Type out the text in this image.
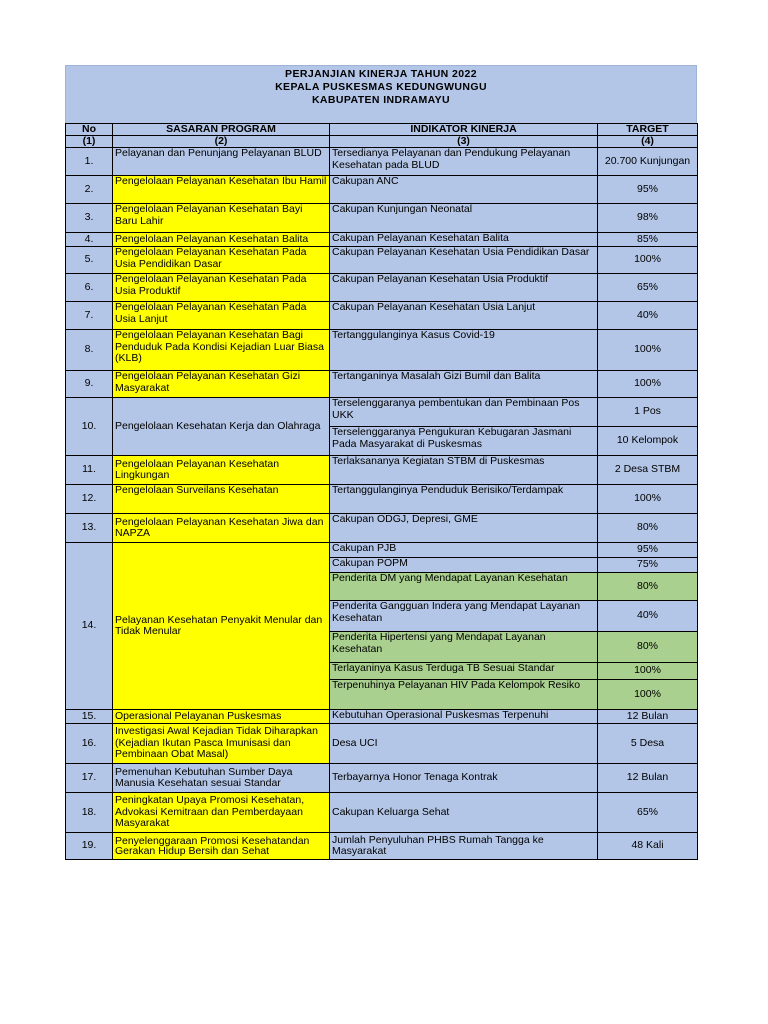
PERJANJIAN KINERJA TAHUN 2022
KEPALA PUSKESMAS KEDUNGWUNGU
KABUPATEN INDRAMAYU
No	SASARAN PROGRAM	INDIKATOR KINERJA	TARGET
(1)	(2)	(3)	(4)
1.	Pelayanan dan Penunjang Pelayanan BLUD	Tersedianya Pelayanan dan Pendukung Pelayanan Kesehatan pada BLUD	20.700 Kunjungan
2.	Pengelolaan Pelayanan Kesehatan Ibu Hamil	Cakupan ANC	95%
3.	Pengelolaan Pelayanan Kesehatan Bayi Baru Lahir	Cakupan Kunjungan Neonatal	98%
4.	Pengelolaan Pelayanan Kesehatan Balita	Cakupan Pelayanan Kesehatan Balita	85%
5.	Pengelolaan Pelayanan Kesehatan Pada Usia Pendidikan Dasar	Cakupan Pelayanan Kesehatan Usia Pendidikan Dasar	100%
6.	Pengelolaan Pelayanan Kesehatan Pada Usia Produktif	Cakupan Pelayanan Kesehatan Usia Produktif	65%
7.	Pengelolaan Pelayanan Kesehatan Pada Usia Lanjut	Cakupan Pelayanan Kesehatan Usia Lanjut	40%
8.	Pengelolaan Pelayanan Kesehatan Bagi Penduduk Pada Kondisi Kejadian Luar Biasa (KLB)	Tertanggulanginya Kasus Covid-19	100%
9.	Pengelolaan Pelayanan Kesehatan Gizi Masyarakat	Tertanganinya Masalah Gizi Bumil dan Balita	100%
10.	Pengelolaan Kesehatan Kerja dan Olahraga	Terselenggaranya pembentukan dan Pembinaan Pos UKK	1 Pos
		Terselenggaranya Pengukuran Kebugaran Jasmani Pada Masyarakat di Puskesmas	10 Kelompok
11.	Pengelolaan Pelayanan Kesehatan Lingkungan	Terlaksananya Kegiatan STBM di Puskesmas	2 Desa STBM
12.	Pengelolaan Surveilans Kesehatan	Tertanggulanginya Penduduk Berisiko/Terdampak	100%
13.	Pengelolaan Pelayanan Kesehatan Jiwa dan NAPZA	Cakupan ODGJ, Depresi, GME	80%
14.	Pelayanan Kesehatan Penyakit Menular dan Tidak Menular	Cakupan PJB	95%
		Cakupan POPM	75%
		Penderita DM yang Mendapat Layanan Kesehatan	80%
		Penderita Gangguan Indera yang Mendapat Layanan Kesehatan	40%
		Penderita Hipertensi yang Mendapat Layanan Kesehatan	80%
		Terlayaninya Kasus Terduga TB Sesuai Standar	100%
		Terpenuhinya Pelayanan HIV Pada Kelompok Resiko	100%
15.	Operasional Pelayanan Puskesmas	Kebutuhan Operasional Puskesmas Terpenuhi	12 Bulan
16.	Investigasi Awal Kejadian Tidak Diharapkan (Kejadian Ikutan Pasca Imunisasi dan Pembinaan Obat Masal)	Desa UCI	5 Desa
17.	Pemenuhan Kebutuhan Sumber Daya Manusia Kesehatan sesuai Standar	Terbayarnya Honor Tenaga Kontrak	12 Bulan
18.	Peningkatan Upaya Promosi Kesehatan, Advokasi Kemitraan dan Pemberdayaan Masyarakat	Cakupan Keluarga Sehat	65%
19.	Penyelenggaraan Promosi Kesehatandan Gerakan Hidup Bersih dan Sehat	Jumlah Penyuluhan PHBS Rumah Tangga ke Masyarakat	48 Kali
